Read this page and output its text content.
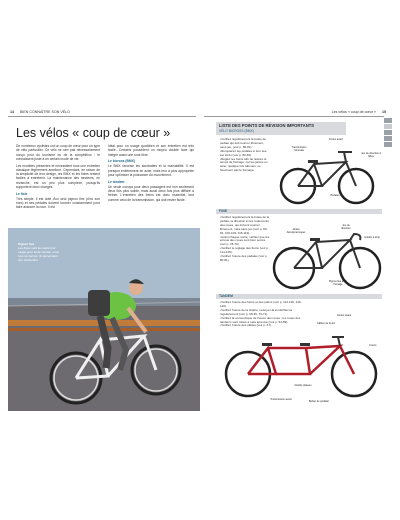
14 BIEN CONNAÎTRE SON VÉLO	Les vélos « coup de cœur » 15
Les vélos « coup de cœur »

De nombreux cyclistes ont un coup de cœur pour un type de vélo particulier. Ce vélo ne sert pas nécessairement conçu pour du tourisme ou de la compétition ; le connaissent juste à un certain mode de vie.

Les modèles présentés et nécessitent tous une entretien classique légèrement amélioré. Cependant, en raison de la simplicité de leur design, les BMX et les fixies restent faciles à entretenir. La maintenance des tandems, en revanche, est un peu plus complexe, puisqu'ils supportent deux charges.

Le fixie

Très simple, il est doté d'un seul pignon fixe (d'où son nom) et ses pédales doivent tourner constamment pour faire avancer la roue. Il est

idéal pour un usage quotidien et son entretien est très facile. Certains possèdent un moyeu double face qui intègre aussi une roue libre.

Le bicross (BMX)

Le BMX favorise les acrobaties et la maniabilité. Il est presque entièrement en acier, mais leur à plus appropriée pour optimiser la puissance du mouvement.

Le tandem

Un seule cocoya pour deux passagers est non seulement deux fois plus solide, mais aussi deux fois plus difficile à freiner. L'entretien des freins est donc essentiel, tout comme celui de la transmission, qui doit rester fluide.

Pignon fixe
Les fixies sont les vélos tout usage pour toute l'année, sous tous les temps. Ils demandent peu d'entretien.
LISTE DES POINTS DE RÉVISION IMPORTANTS
VÉLO BICROSS (BMX)
• Vérifiez régulièrement la butée de pédale qui doit tourner librement, sans jeu, (voir p. 80-81).
• Remplacez les pédales si leur axe est tordu (voir p. 80-81).
• Réglez les freins afin de réduire le temps de freinage, car les jantes en acier, quelque fois taboues, ne favorisent pas le freinage.
Transmission minimale
Freins avant
Jeu de direction à billes
Pédales
FIXIE
• Vérifiez régulièrement la butée de la pédale, la direction et les roulements des roues, qui doivent tourner librement, mais sans jeu (voir p. 80-81, 106-109, 118-119).
• Avant chaque sortie, vérifiez que les écrous des roues sont bien serrés (voir p. 78-79).
• Vérifiez le réglage des freins (voir p. 114-125).
• Vérifiez l'usure des pédales (voir p. 80-81).
Jantes Aérodynamiques
Jeu de direction
Guidon à drop
Pignon fixe avec freinage
TANDEM
• Vérifiez l'usure des freins et des patins (voir p. 114-136, 146-140).
• Vérifiez l'usure de la chaîne, nettoyez-la et lubrifiez-la régulièrement (voir p. 38-39, 70-71).
• Vérifiez la concentrique de l'usure des roues ; les roues des tandems sont mises à rude épreuve (voir p. 54-59).
• Vérifiez l'usure des câbles (voir p. 67).
Jantes avant
Câbles de freins
Freins
Transmission avant
Boîtier de pédalier
Double plateau
